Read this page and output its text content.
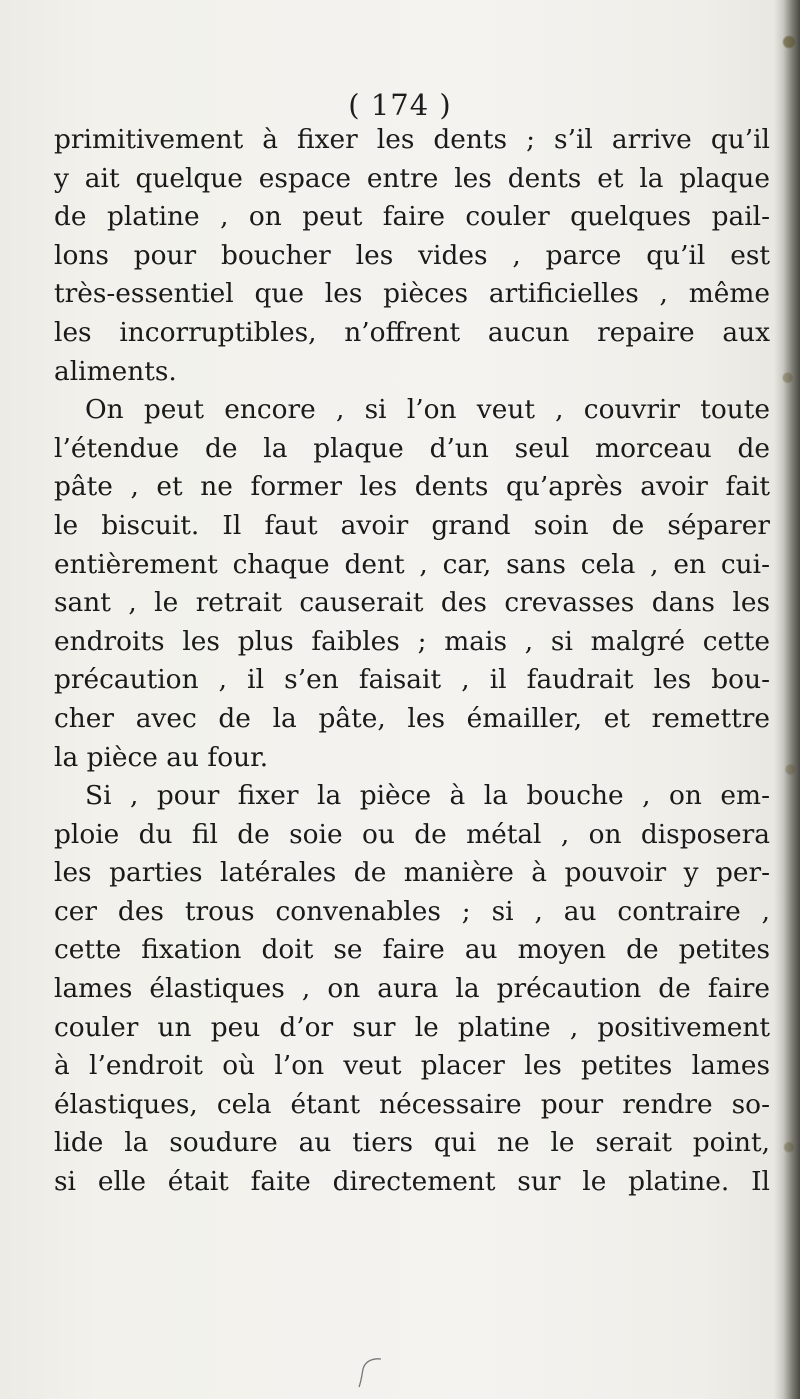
( 174 )
primitivement à fixer les dents ; s’il arrive qu’il
y ait quelque espace entre les dents et la plaque
de platine , on peut faire couler quelques pail-
lons pour boucher les vides , parce qu’il est
très-essentiel que les pièces artificielles , même
les incorruptibles, n’offrent aucun repaire aux
aliments.
On peut encore , si l’on veut , couvrir toute
l’étendue de la plaque d’un seul morceau de
pâte , et ne former les dents qu’après avoir fait
le biscuit. Il faut avoir grand soin de séparer
entièrement chaque dent , car, sans cela , en cui-
sant , le retrait causerait des crevasses dans les
endroits les plus faibles ; mais , si malgré cette
précaution , il s’en faisait , il faudrait les bou-
cher avec de la pâte, les émailler, et remettre
la pièce au four.
Si , pour fixer la pièce à la bouche , on em-
ploie du fil de soie ou de métal , on disposera
les parties latérales de manière à pouvoir y per-
cer des trous convenables ; si , au contraire ,
cette fixation doit se faire au moyen de petites
lames élastiques , on aura la précaution de faire
couler un peu d’or sur le platine , positivement
à l’endroit où l’on veut placer les petites lames
élastiques, cela étant nécessaire pour rendre so-
lide la soudure au tiers qui ne le serait point,
si elle était faite directement sur le platine. Il
